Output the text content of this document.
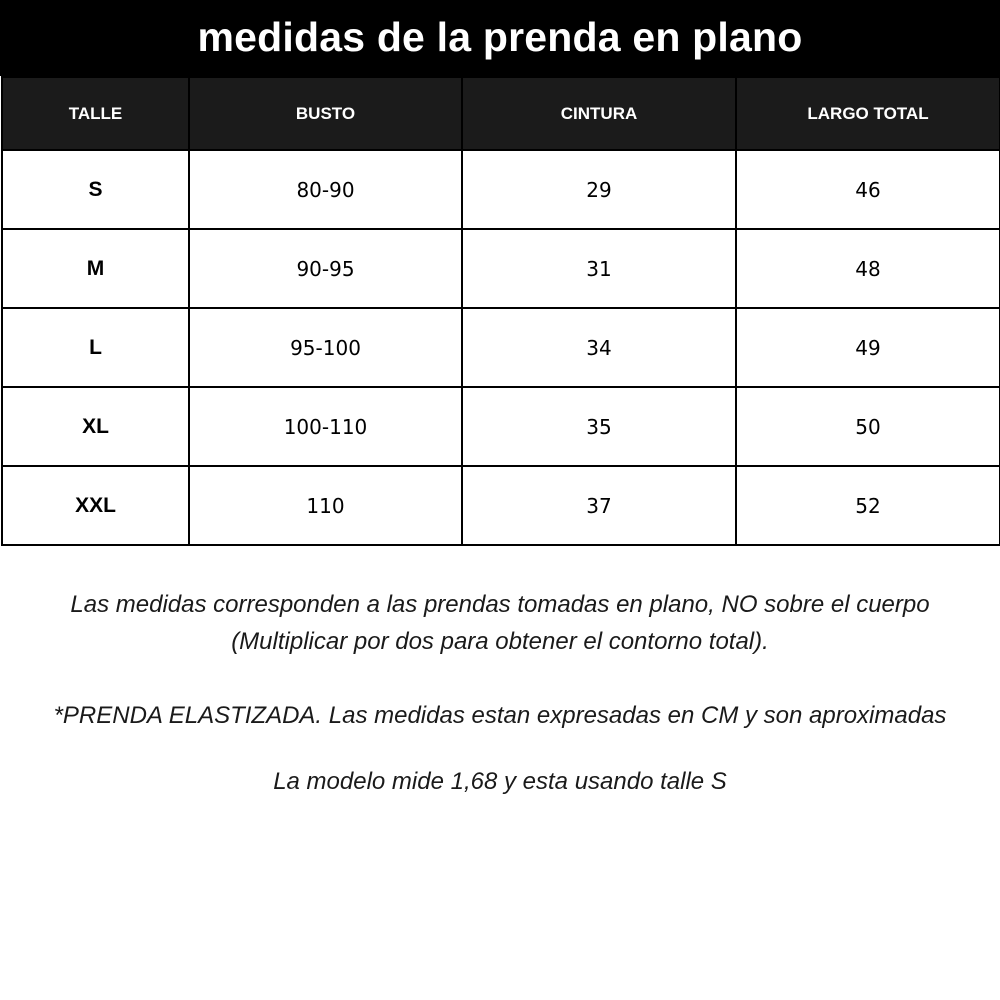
medidas de la prenda en plano
TALLE	BUSTO	CINTURA	LARGO TOTAL
S	80-90	29	46
M	90-95	31	48
L	95-100	34	49
XL	100-110	35	50
XXL	110	37	52

Las medidas corresponden a las prendas tomadas en plano, NO sobre el cuerpo

(Multiplicar por dos para obtener el contorno total).

*PRENDA ELASTIZADA. Las medidas estan expresadas en CM y son aproximadas

La modelo mide 1,68 y esta usando talle S
